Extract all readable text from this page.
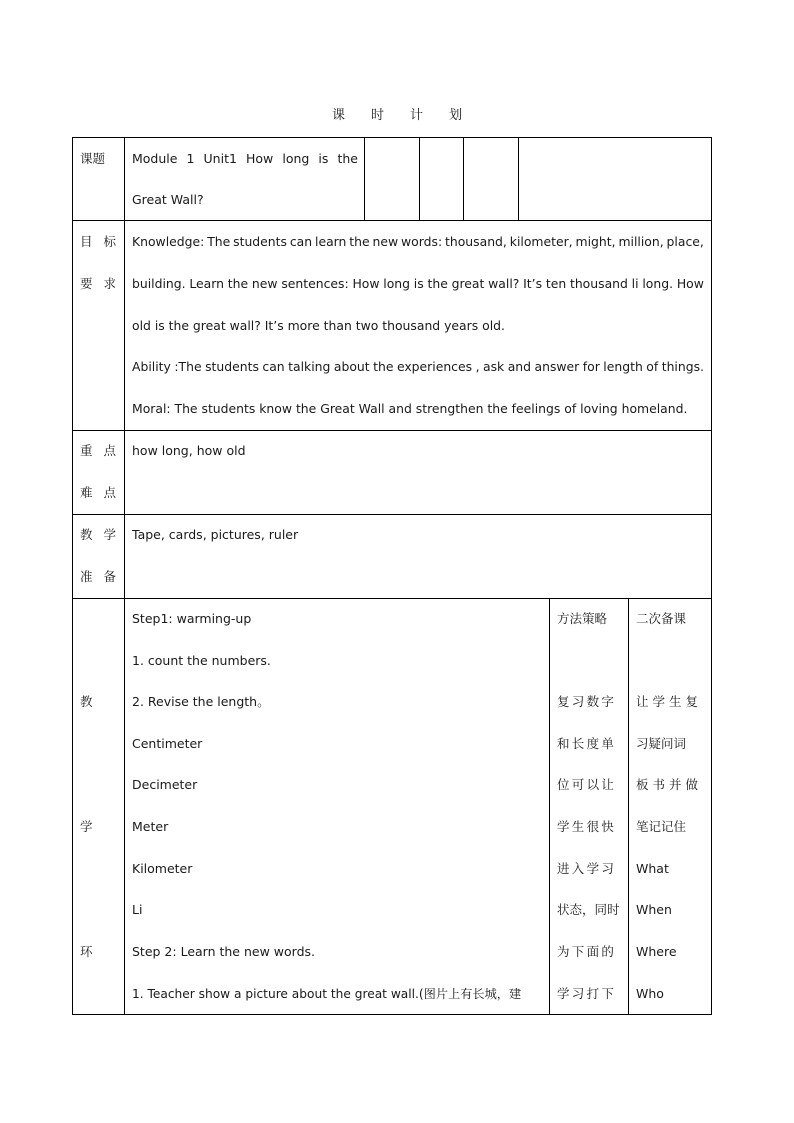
课 时 计 划
课题 Module 1 Unit1 How long is the
Great Wall?
目 标
要 求
Knowledge: The students can learn the new words: thousand, kilometer, might, million, place,
building. Learn the new sentences: How long is the great wall? It’s ten thousand li long. How
old is the great wall? It’s more than two thousand years old.
Ability :The students can talking about the experiences , ask and answer for length of things.
Moral: The students know the Great Wall and strengthen the feelings of loving homeland.
重 点
难 点
how long, how old
教 学
准 备
Tape, cards, pictures, ruler
教
学
环
Step1: warming-up
1. count the numbers.
2. Revise the length。
Centimeter
Decimeter
Meter
Kilometer
Li
Step 2: Learn the new words.
1. Teacher show a picture about the great wall.(图片上有长城，建
方法策略
复习数字
和长度单
位可以让
学生很快
进入学习
状态，同时
为下面的
学习打下
二次备课
让学生复
习疑问词
板书并做
笔记记住
What
When
Where
Who
